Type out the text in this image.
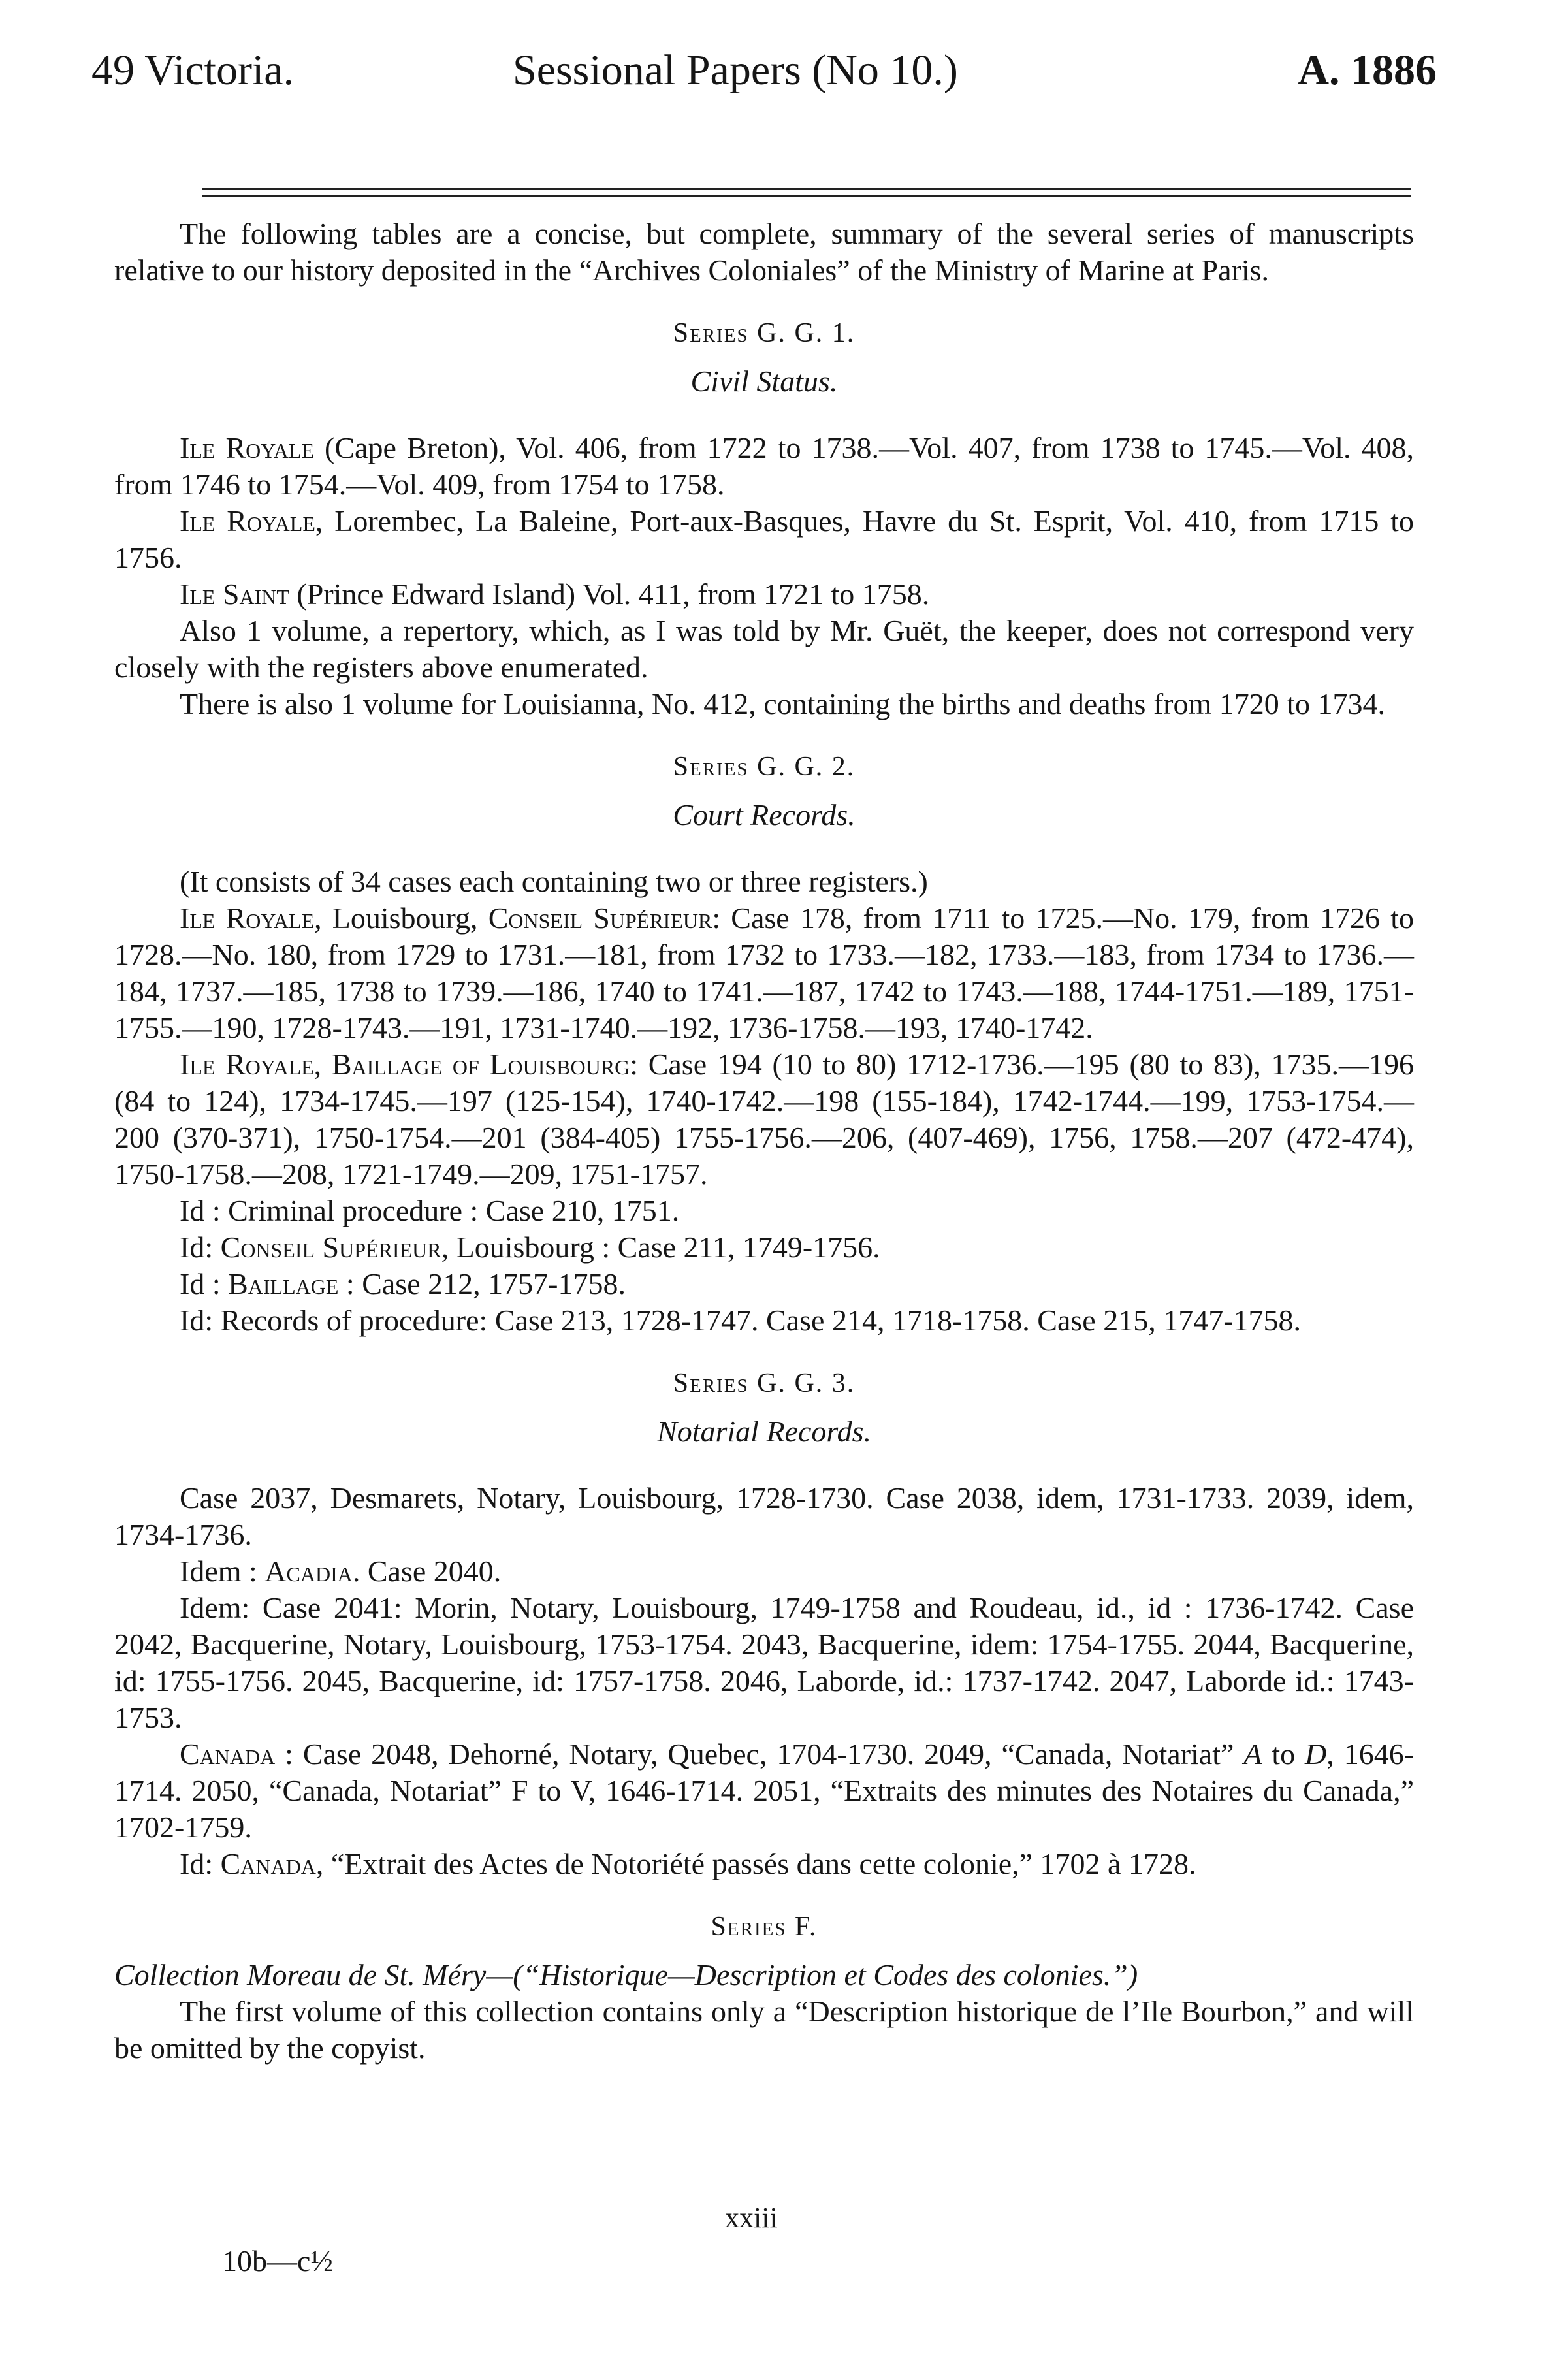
49 Victoria.	Sessional Papers (No 10.)	A. 1886

The following tables are a concise, but complete, summary of the several series of manuscripts relative to our history deposited in the “Archives Coloniales” of the Ministry of Marine at Paris.

Series G. G. 1.
Civil Status.

Ile Royale (Cape Breton), Vol. 406, from 1722 to 1738.—Vol. 407, from 1738 to 1745.—Vol. 408, from 1746 to 1754.—Vol. 409, from 1754 to 1758.

Ile Royale, Lorembec, La Baleine, Port-aux-Basques, Havre du St. Esprit, Vol. 410, from 1715 to 1756.

Ile Saint (Prince Edward Island) Vol. 411, from 1721 to 1758.

Also 1 volume, a repertory, which, as I was told by Mr. Guët, the keeper, does not correspond very closely with the registers above enumerated.

There is also 1 volume for Louisianna, No. 412, containing the births and deaths from 1720 to 1734.

Series G. G. 2.
Court Records.

(It consists of 34 cases each containing two or three registers.)

Ile Royale, Louisbourg, Conseil Supérieur: Case 178, from 1711 to 1725.—No. 179, from 1726 to 1728.—No. 180, from 1729 to 1731.—181, from 1732 to 1733.—182, 1733.—183, from 1734 to 1736.—184, 1737.—185, 1738 to 1739.—186, 1740 to 1741.—187, 1742 to 1743.—188, 1744-1751.—189, 1751-1755.—190, 1728-1743.—191, 1731-1740.—192, 1736-1758.—193, 1740-1742.

Ile Royale, Baillage of Louisbourg: Case 194 (10 to 80) 1712-1736.—195 (80 to 83), 1735.—196 (84 to 124), 1734-1745.—197 (125-154), 1740-1742.—198 (155-184), 1742-1744.—199, 1753-1754.—200 (370-371), 1750-1754.—201 (384-405) 1755-1756.—206, (407-469), 1756, 1758.—207 (472-474), 1750-1758.—208, 1721-1749.—209, 1751-1757.

Id : Criminal procedure : Case 210, 1751.

Id: Conseil Supérieur, Louisbourg : Case 211, 1749-1756.

Id : Baillage : Case 212, 1757-1758.

Id: Records of procedure: Case 213, 1728-1747. Case 214, 1718-1758. Case 215, 1747-1758.

Series G. G. 3.
Notarial Records.

Case 2037, Desmarets, Notary, Louisbourg, 1728-1730. Case 2038, idem, 1731-1733. 2039, idem, 1734-1736.

Idem : Acadia. Case 2040.

Idem: Case 2041: Morin, Notary, Louisbourg, 1749-1758 and Roudeau, id., id : 1736-1742. Case 2042, Bacquerine, Notary, Louisbourg, 1753-1754. 2043, Bacquerine, idem: 1754-1755. 2044, Bacquerine, id: 1755-1756. 2045, Bacquerine, id: 1757-1758. 2046, Laborde, id.: 1737-1742. 2047, Laborde id.: 1743-1753.

Canada : Case 2048, Dehorné, Notary, Quebec, 1704-1730. 2049, “Canada, Notariat” A to D, 1646-1714. 2050, “Canada, Notariat” F to V, 1646-1714. 2051, “Extraits des minutes des Notaires du Canada,” 1702-1759.

Id: Canada, “Extrait des Actes de Notoriété passés dans cette colonie,” 1702 à 1728.

Series F.

Collection Moreau de St. Méry—(“Historique—Description et Codes des colonies.”)

The first volume of this collection contains only a “Description historique de l’Ile Bourbon,” and will be omitted by the copyist.

xxiii
10b—c½
